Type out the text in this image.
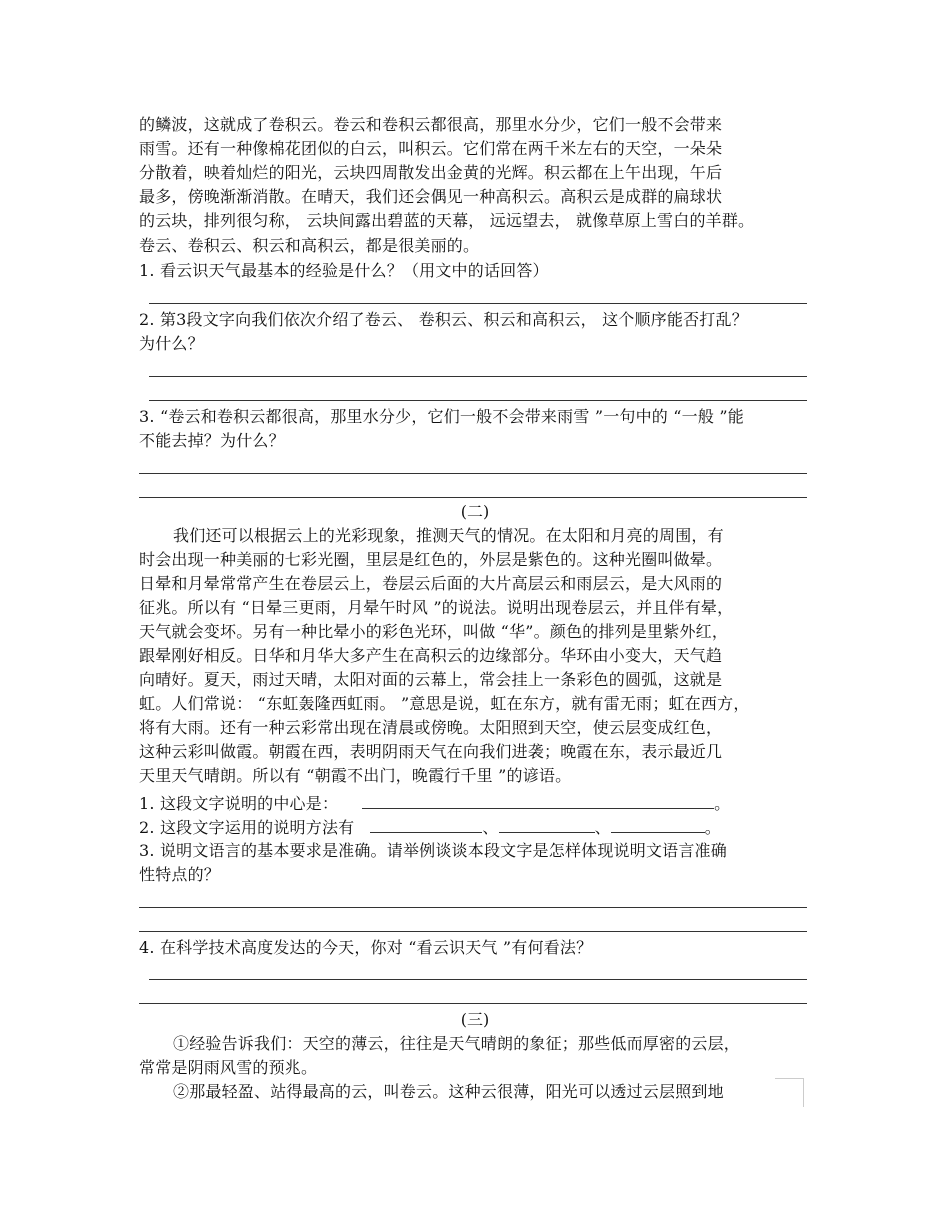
的鳞波，这就成了卷积云。卷云和卷积云都很高，那里水分少，它们一般不会带来
雨雪。还有一种像棉花团似的白云，叫积云。它们常在两千米左右的天空，一朵朵
分散着，映着灿烂的阳光，云块四周散发出金黄的光辉。积云都在上午出现，午后
最多，傍晚渐渐消散。在晴天，我们还会偶见一种高积云。高积云是成群的扁球状
的云块，排列很匀称， 云块间露出碧蓝的天幕， 远远望去， 就像草原上雪白的羊群。
卷云、卷积云、积云和高积云，都是很美丽的。
1. 看云识天气最基本的经验是什么？（用文中的话回答）
2. 第3段文字向我们依次介绍了卷云、 卷积云、积云和高积云， 这个顺序能否打乱？
为什么？
3. “卷云和卷积云都很高，那里水分少，它们一般不会带来雨雪 ”一句中的 “一般 ”能
不能去掉？为什么？
(二)
我们还可以根据云上的光彩现象，推测天气的情况。在太阳和月亮的周围，有
时会出现一种美丽的七彩光圈，里层是红色的，外层是紫色的。这种光圈叫做晕。
日晕和月晕常常产生在卷层云上，卷层云后面的大片高层云和雨层云，是大风雨的
征兆。所以有 “日晕三更雨，月晕午时风 ”的说法。说明出现卷层云，并且伴有晕，
天气就会变坏。另有一种比晕小的彩色光环，叫做 “华”。颜色的排列是里紫外红，
跟晕刚好相反。日华和月华大多产生在高积云的边缘部分。华环由小变大，天气趋
向晴好。夏天，雨过天晴，太阳对面的云幕上，常会挂上一条彩色的圆弧，这就是
虹。人们常说： “东虹轰隆西虹雨。 ”意思是说，虹在东方，就有雷无雨；虹在西方，
将有大雨。还有一种云彩常出现在清晨或傍晚。太阳照到天空，使云层变成红色，
这种云彩叫做霞。朝霞在西，表明阴雨天气在向我们进袭；晚霞在东，表示最近几
天里天气晴朗。所以有 “朝霞不出门，晚霞行千里 ”的谚语。
1. 这段文字说明的中心是：	。
2. 这段文字运用的说明方法有	、	、	。
3. 说明文语言的基本要求是准确。请举例谈谈本段文字是怎样体现说明文语言准确
性特点的？
4. 在科学技术高度发达的今天，你对 “看云识天气 ”有何看法？
(三)
①经验告诉我们：天空的薄云，往往是天气晴朗的象征；那些低而厚密的云层，
常常是阴雨风雪的预兆。
②那最轻盈、站得最高的云，叫卷云。这种云很薄，阳光可以透过云层照到地
